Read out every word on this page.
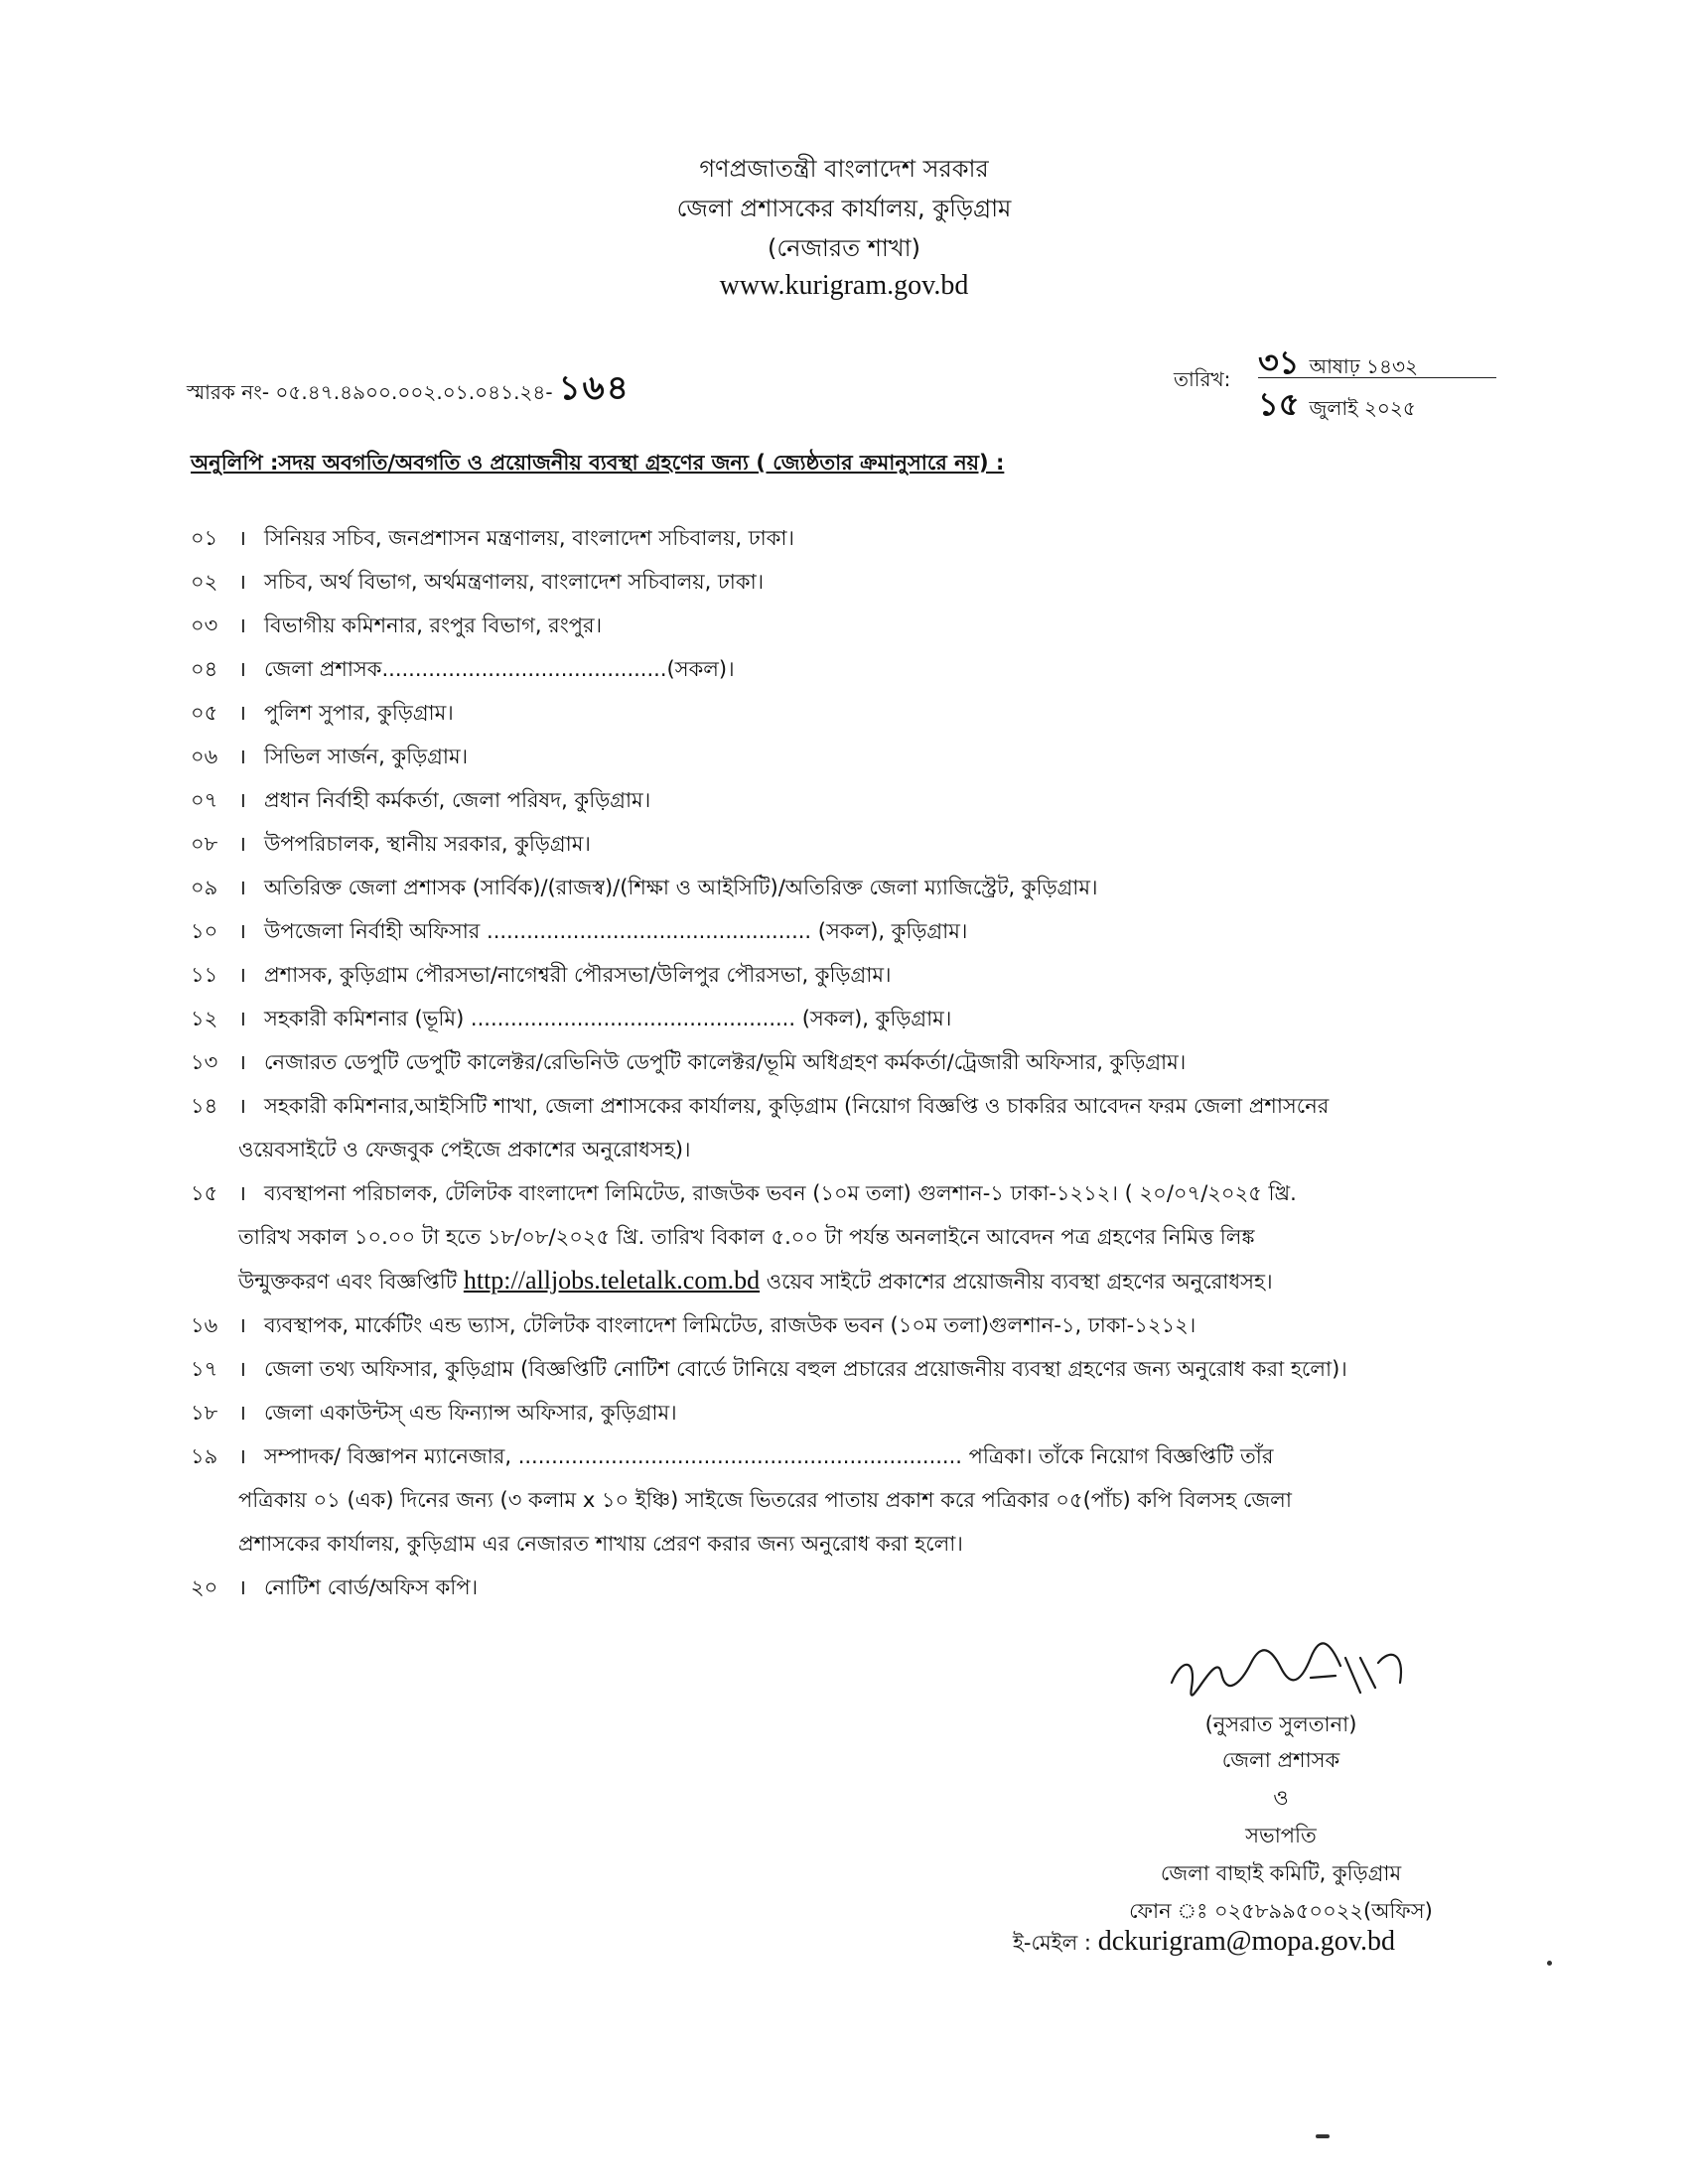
গণপ্রজাতন্ত্রী বাংলাদেশ সরকার
জেলা প্রশাসকের কার্যালয়, কুড়িগ্রাম
(নেজারত শাখা)
www.kurigram.gov.bd
স্মারক নং- ০৫.৪৭.৪৯০০.০০২.০১.০৪১.২৪- ১৬৪	তারিখ: ৩১ আষাঢ় ১৪৩২
১৫ জুলাই ২০২৫
অনুলিপি :সদয় অবগতি/অবগতি ও প্রয়োজনীয় ব্যবস্থা গ্রহণের জন্য ( জ্যেষ্ঠতার ক্রমানুসারে নয়) :
০১ । সিনিয়র সচিব, জনপ্রশাসন মন্ত্রণালয়, বাংলাদেশ সচিবালয়, ঢাকা।
০২ । সচিব, অর্থ বিভাগ, অর্থমন্ত্রণালয়, বাংলাদেশ সচিবালয়, ঢাকা।
০৩ । বিভাগীয় কমিশনার, রংপুর বিভাগ, রংপুর।
০৪ । জেলা প্রশাসক...........................................(সকল)।
০৫ । পুলিশ সুপার, কুড়িগ্রাম।
০৬ । সিভিল সার্জন, কুড়িগ্রাম।
০৭ । প্রধান নির্বাহী কর্মকর্তা, জেলা পরিষদ, কুড়িগ্রাম।
০৮ । উপপরিচালক, স্থানীয় সরকার, কুড়িগ্রাম।
০৯ । অতিরিক্ত জেলা প্রশাসক (সার্বিক)/(রাজস্ব)/(শিক্ষা ও আইসিটি)/অতিরিক্ত জেলা ম্যাজিস্ট্রেট, কুড়িগ্রাম।
১০ । উপজেলা নির্বাহী অফিসার ................................................. (সকল), কুড়িগ্রাম।
১১ । প্রশাসক, কুড়িগ্রাম পৌরসভা/নাগেশ্বরী পৌরসভা/উলিপুর পৌরসভা, কুড়িগ্রাম।
১২ । সহকারী কমিশনার (ভূমি) ................................................. (সকল), কুড়িগ্রাম।
১৩ । নেজারত ডেপুটি ডেপুটি কালেক্টর/রেভিনিউ ডেপুটি কালেক্টর/ভূমি অধিগ্রহণ কর্মকর্তা/ট্রেজারী অফিসার, কুড়িগ্রাম।
১৪ । সহকারী কমিশনার,আইসিটি শাখা, জেলা প্রশাসকের কার্যালয়, কুড়িগ্রাম (নিয়োগ বিজ্ঞপ্তি ও চাকরির আবেদন ফরম জেলা প্রশাসনের
ওয়েবসাইটে ও ফেজবুক পেইজে প্রকাশের অনুরোধসহ)।
১৫ । ব্যবস্থাপনা পরিচালক, টেলিটক বাংলাদেশ লিমিটেড, রাজউক ভবন (১০ম তলা) গুলশান-১ ঢাকা-১২১২। ( ২০/০৭/২০২৫ খ্রি.
তারিখ সকাল ১০.০০ টা হতে ১৮/০৮/২০২৫ খ্রি. তারিখ বিকাল ৫.০০ টা পর্যন্ত অনলাইনে আবেদন পত্র গ্রহণের নিমিত্ত লিঙ্ক
উন্মুক্তকরণ এবং বিজ্ঞপ্তিটি http://alljobs.teletalk.com.bd ওয়েব সাইটে প্রকাশের প্রয়োজনীয় ব্যবস্থা গ্রহণের অনুরোধসহ।
১৬ । ব্যবস্থাপক, মার্কেটিং এন্ড ভ্যাস, টেলিটক বাংলাদেশ লিমিটেড, রাজউক ভবন (১০ম তলা)গুলশান-১, ঢাকা-১২১২।
১৭ । জেলা তথ্য অফিসার, কুড়িগ্রাম (বিজ্ঞপ্তিটি নোটিশ বোর্ডে টানিয়ে বহুল প্রচারের প্রয়োজনীয় ব্যবস্থা গ্রহণের জন্য অনুরোধ করা হলো)।
১৮ । জেলা একাউন্টস্ এন্ড ফিন্যান্স অফিসার, কুড়িগ্রাম।
১৯ । সম্পাদক/ বিজ্ঞাপন ম্যানেজার, ................................................................... পত্রিকা। তাঁকে নিয়োগ বিজ্ঞপ্তিটি তাঁর
পত্রিকায় ০১ (এক) দিনের জন্য (৩ কলাম x ১০ ইঞ্চি) সাইজে ভিতরের পাতায় প্রকাশ করে পত্রিকার ০৫(পাঁচ) কপি বিলসহ জেলা
প্রশাসকের কার্যালয়, কুড়িগ্রাম এর নেজারত শাখায় প্রেরণ করার জন্য অনুরোধ করা হলো।
২০ । নোটিশ বোর্ড/অফিস কপি।
(নুসরাত সুলতানা)
জেলা প্রশাসক
ও
সভাপতি
জেলা বাছাই কমিটি, কুড়িগ্রাম
ফোন ঃ ০২৫৮৯৯৫০০২২(অফিস)
ই-মেইল : dckurigram@mopa.gov.bd
